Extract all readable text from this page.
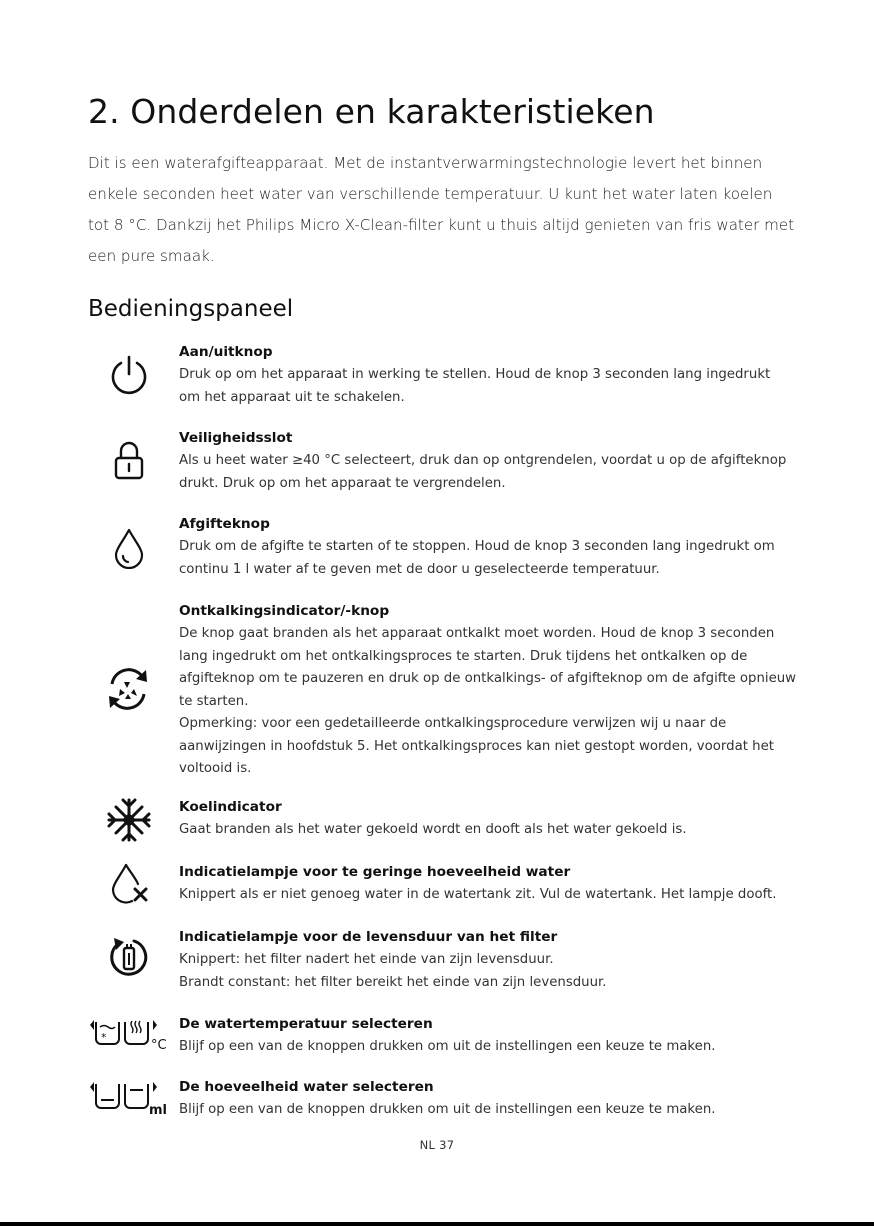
2. Onderdelen en karakteristieken

Dit is een waterafgifteapparaat. Met de instantverwarmingstechnologie levert het binnen enkele seconden heet water van verschillende temperatuur. U kunt het water laten koelen tot 8 °C. Dankzij het Philips Micro X-Clean-filter kunt u thuis altijd genieten van fris water met een pure smaak.

Bedieningspaneel
*
°C
ml
Aan/uitknop
Druk op om het apparaat in werking te stellen. Houd de knop 3 seconden lang ingedrukt
om het apparaat uit te schakelen.
Veiligheidsslot
Als u heet water ≥40 °C selecteert, druk dan op ontgrendelen, voordat u op de afgifteknop
drukt. Druk op om het apparaat te vergrendelen.
Afgifteknop
Druk om de afgifte te starten of te stoppen. Houd de knop 3 seconden lang ingedrukt om
continu 1 l water af te geven met de door u geselecteerde temperatuur.
Ontkalkingsindicator/-knop
De knop gaat branden als het apparaat ontkalkt moet worden. Houd de knop 3 seconden
lang ingedrukt om het ontkalkingsproces te starten. Druk tijdens het ontkalken op de
afgifteknop om te pauzeren en druk op de ontkalkings- of afgifteknop om de afgifte opnieuw
te starten.
Opmerking: voor een gedetailleerde ontkalkingsprocedure verwijzen wij u naar de
aanwijzingen in hoofdstuk 5. Het ontkalkingsproces kan niet gestopt worden, voordat het
voltooid is.
Koelindicator
Gaat branden als het water gekoeld wordt en dooft als het water gekoeld is.
Indicatielampje voor te geringe hoeveelheid water
Knippert als er niet genoeg water in de watertank zit. Vul de watertank. Het lampje dooft.
Indicatielampje voor de levensduur van het filter
Knippert: het filter nadert het einde van zijn levensduur.
Brandt constant: het filter bereikt het einde van zijn levensduur.
De watertemperatuur selecteren
Blijf op een van de knoppen drukken om uit de instellingen een keuze te maken.
De hoeveelheid water selecteren
Blijf op een van de knoppen drukken om uit de instellingen een keuze te maken.
NL 37
